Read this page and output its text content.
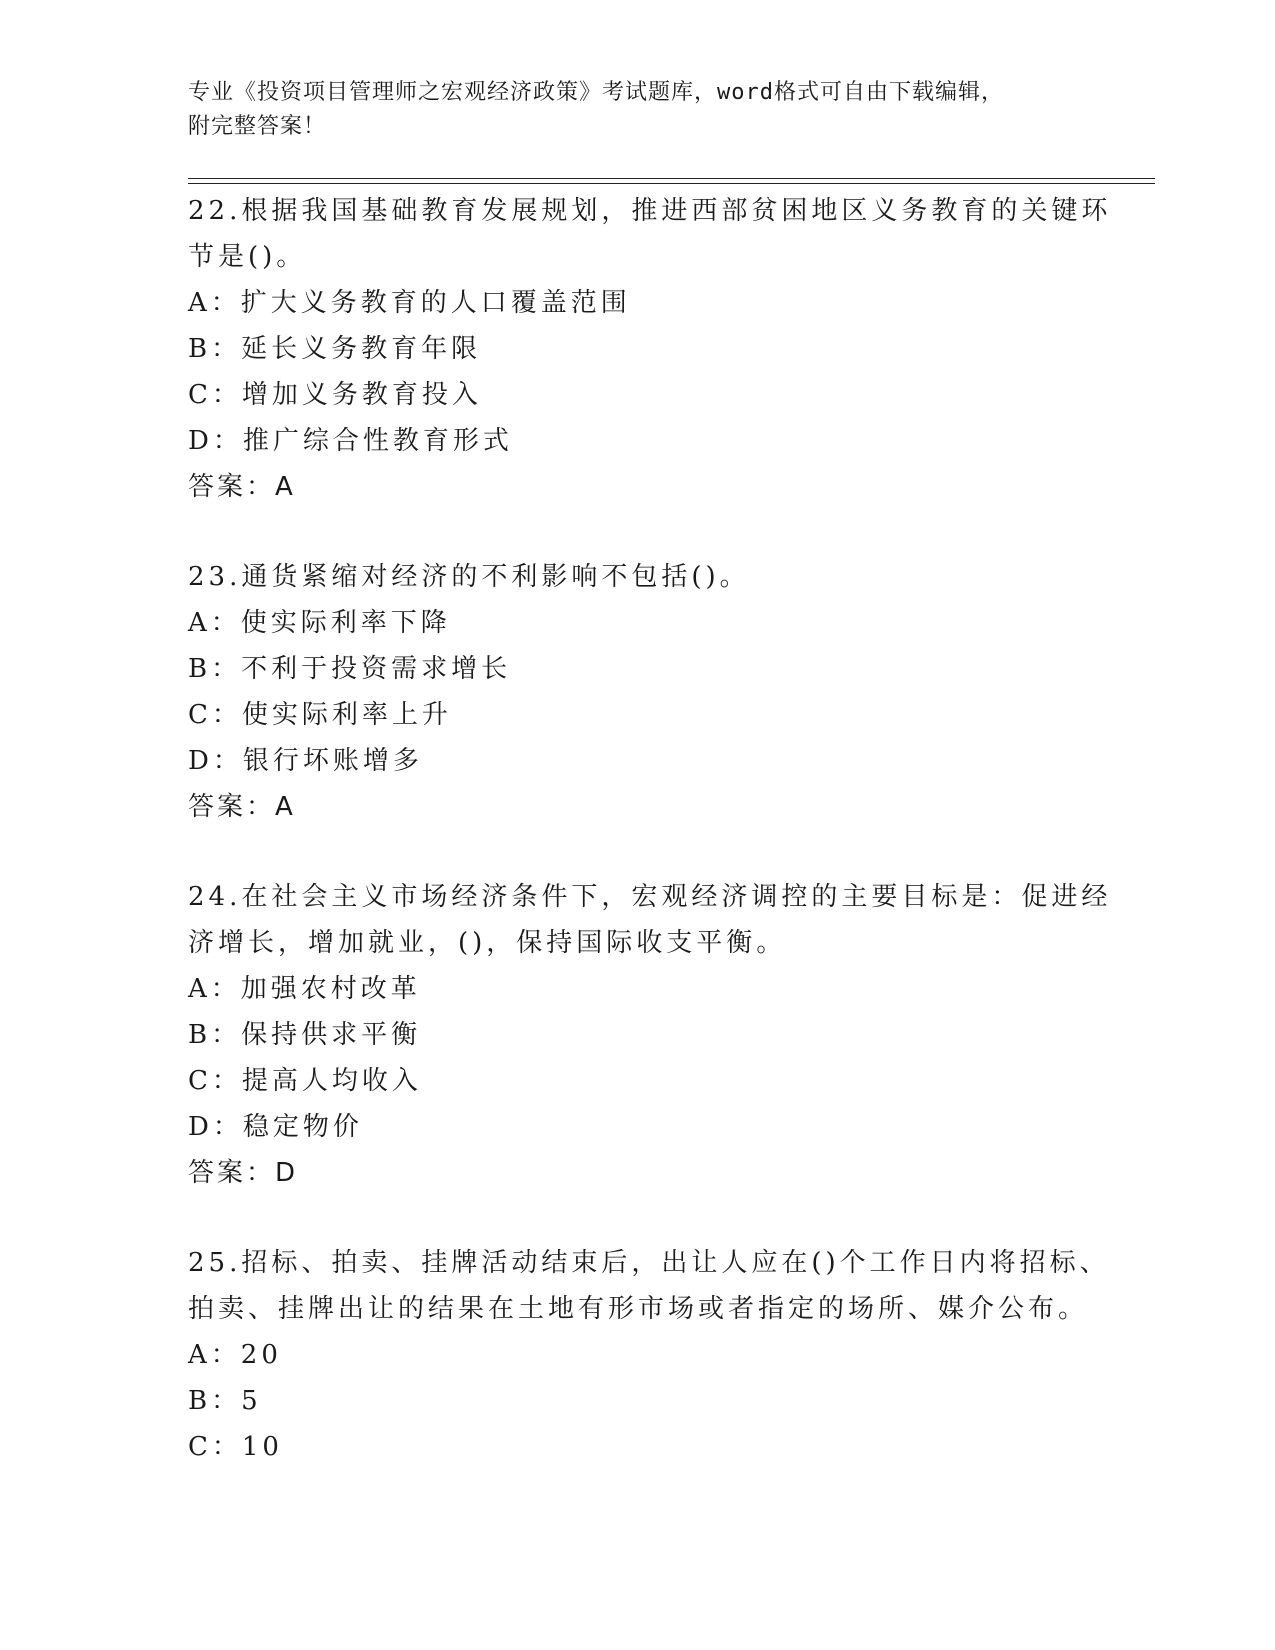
专业《投资项目管理师之宏观经济政策》考试题库，word格式可自由下载编辑，
附完整答案！
22.根据我国基础教育发展规划，推进西部贫困地区义务教育的关键环
节是()。
A：扩大义务教育的人口覆盖范围
B：延长义务教育年限
C：增加义务教育投入
D：推广综合性教育形式
答案：A
23.通货紧缩对经济的不利影响不包括()。
A：使实际利率下降
B：不利于投资需求增长
C：使实际利率上升
D：银行坏账增多
答案：A
24.在社会主义市场经济条件下，宏观经济调控的主要目标是：促进经
济增长，增加就业，()，保持国际收支平衡。
A：加强农村改革
B：保持供求平衡
C：提高人均收入
D：稳定物价
答案：D
25.招标、拍卖、挂牌活动结束后，出让人应在()个工作日内将招标、
拍卖、挂牌出让的结果在土地有形市场或者指定的场所、媒介公布。
A：20
B：5
C：10
